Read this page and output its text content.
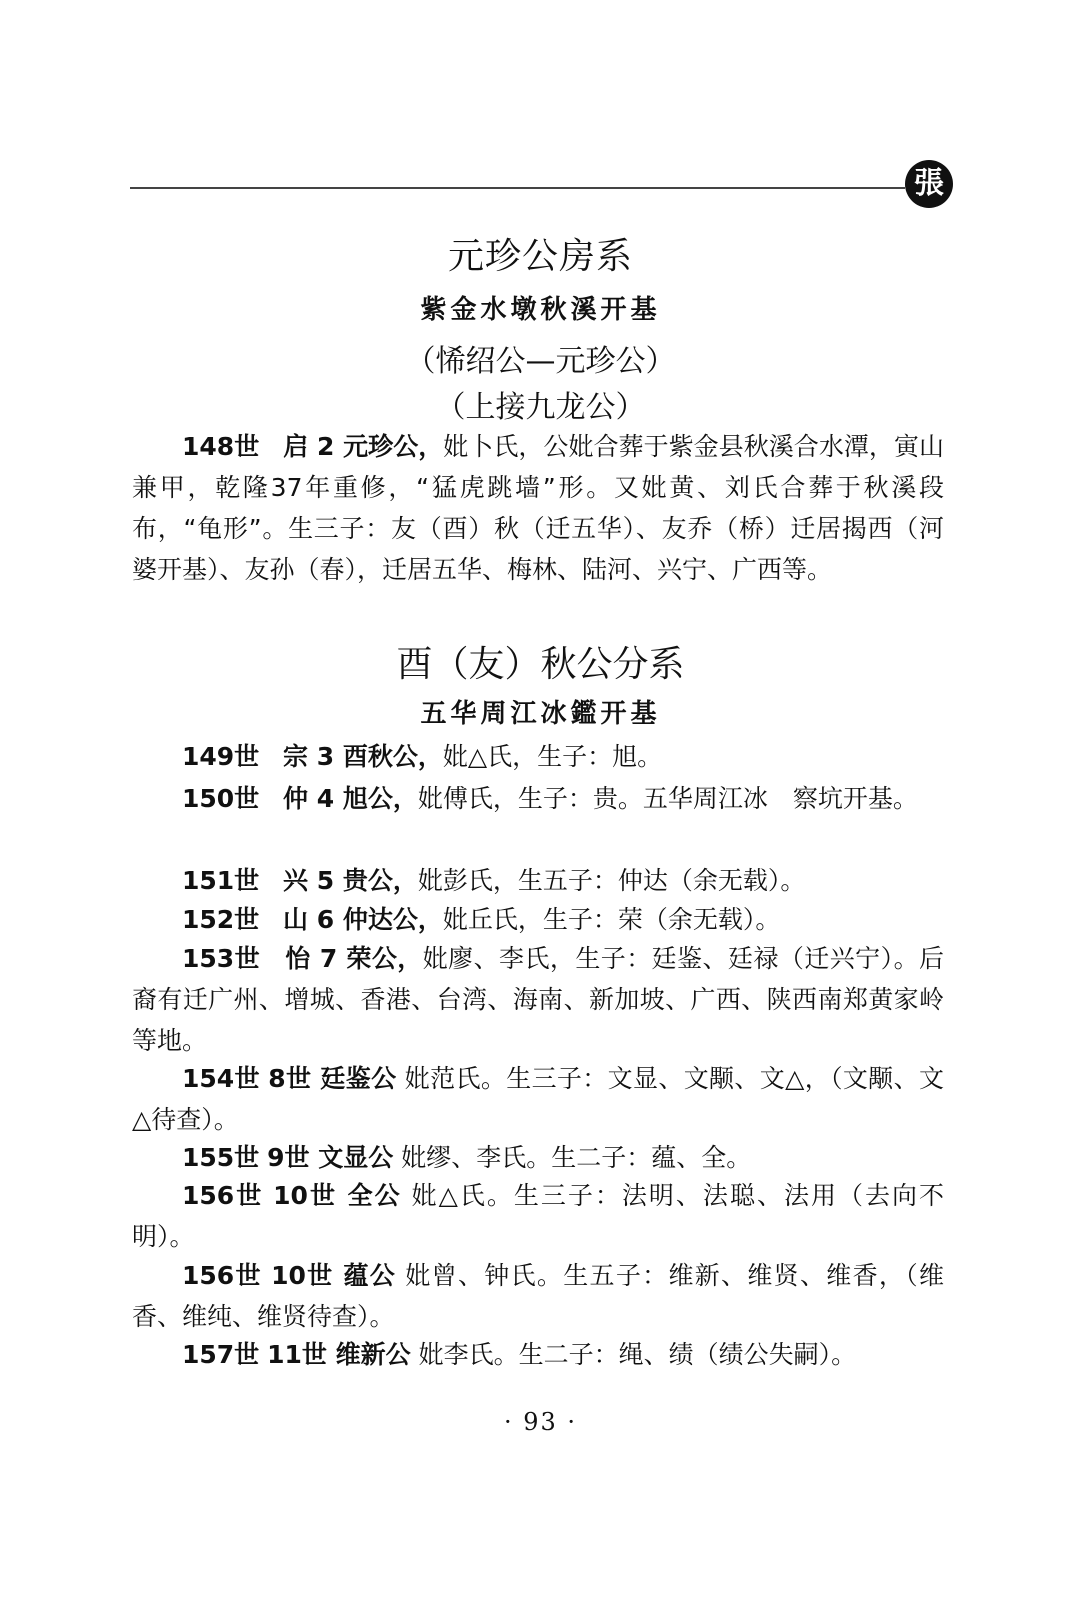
張
元珍公房系
紫金水墩秋溪开基
（悕绍公—元珍公）
（上接九龙公）
148世 启 2 元珍公，妣卜氏，公妣合葬于紫金县秋溪合水潭，寅山兼甲，乾隆37年重修，“猛虎跳墙”形。又妣黄、刘氏合葬于秋溪段布，“龟形”。生三子：友（酉）秋（迁五华）、友乔（桥）迁居揭西（河婆开基）、友孙（春），迁居五华、梅林、陆河、兴宁、广西等。
酉（友）秋公分系
五华周江冰鑑开基
149世 宗 3 酉秋公，妣△氏，生子：旭。
150世 仲 4 旭公，妣傅氏，生子：贵。五华周江冰　察坑开基。
151世 兴 5 贵公，妣彭氏，生五子：仲达（余无载）。
152世 山 6 仲达公，妣丘氏，生子：荣（余无载）。
153世 怡 7 荣公，妣廖、李氏，生子：廷鉴、廷禄（迁兴宁）。后裔有迁广州、增城、香港、台湾、海南、新加坡、广西、陕西南郑黄家岭等地。
154世 8世 廷鉴公 妣范氏。生三子：文显、文颙、文△，（文颙、文△待查）。
155世 9世 文显公 妣缪、李氏。生二子：蕴、全。
156世 10世 全公 妣△氏。生三子：法明、法聪、法用（去向不明）。
156世 10世 蕴公 妣曾、钟氏。生五子：维新、维贤、维香，（维香、维纯、维贤待查）。
157世 11世 维新公 妣李氏。生二子：绳、绩（绩公失嗣）。
· 93 ·
